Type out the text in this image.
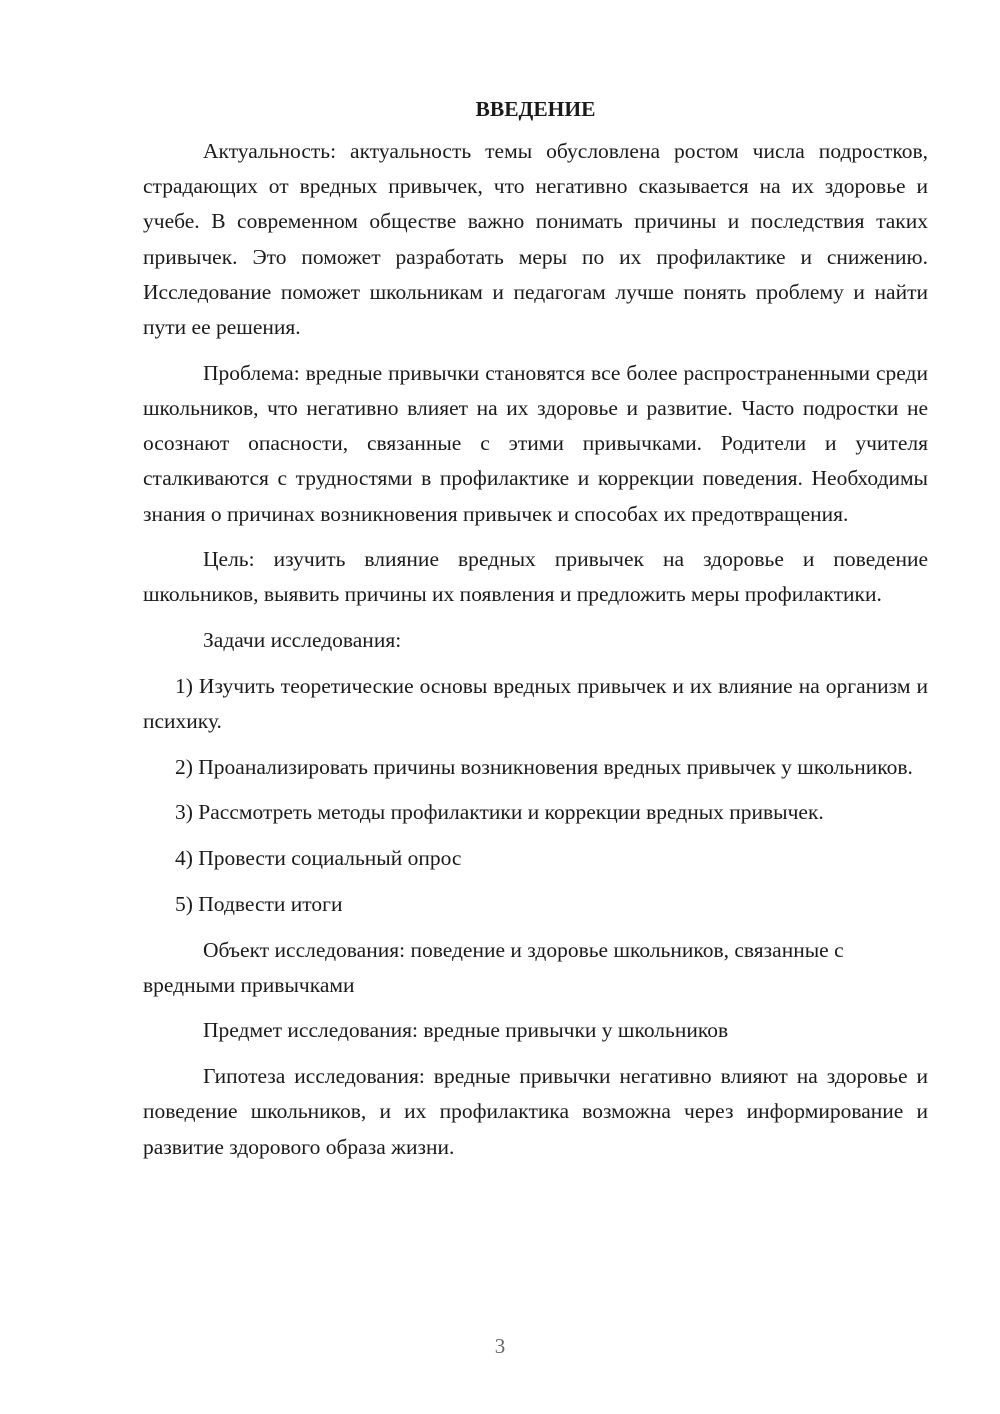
ВВЕДЕНИЕ

Актуальность: актуальность темы обусловлена ростом числа подростков, страдающих от вредных привычек, что негативно сказывается на их здоровье и учебе. В современном обществе важно понимать причины и последствия таких привычек. Это поможет разработать меры по их профилактике и снижению. Исследование поможет школьникам и педагогам лучше понять проблему и найти пути ее решения.

Проблема: вредные привычки становятся все более распространенными среди школьников, что негативно влияет на их здоровье и развитие. Часто подростки не осознают опасности, связанные с этими привычками. Родители и учителя сталкиваются с трудностями в профилактике и коррекции поведения. Необходимы знания о причинах возникновения привычек и способах их предотвращения.

Цель: изучить влияние вредных привычек на здоровье и поведение школьников, выявить причины их появления и предложить меры профилактики.

Задачи исследования:

1) Изучить теоретические основы вредных привычек и их влияние на организм и психику.

2) Проанализировать причины возникновения вредных привычек у школьников.

3) Рассмотреть методы профилактики и коррекции вредных привычек.

4) Провести социальный опрос

5) Подвести итоги

Объект исследования: поведение и здоровье школьников, связанные с вредными привычками

Предмет исследования: вредные привычки у школьников

Гипотеза исследования: вредные привычки негативно влияют на здоровье и поведение школьников, и их профилактика возможна через информирование и развитие здорового образа жизни.

3
